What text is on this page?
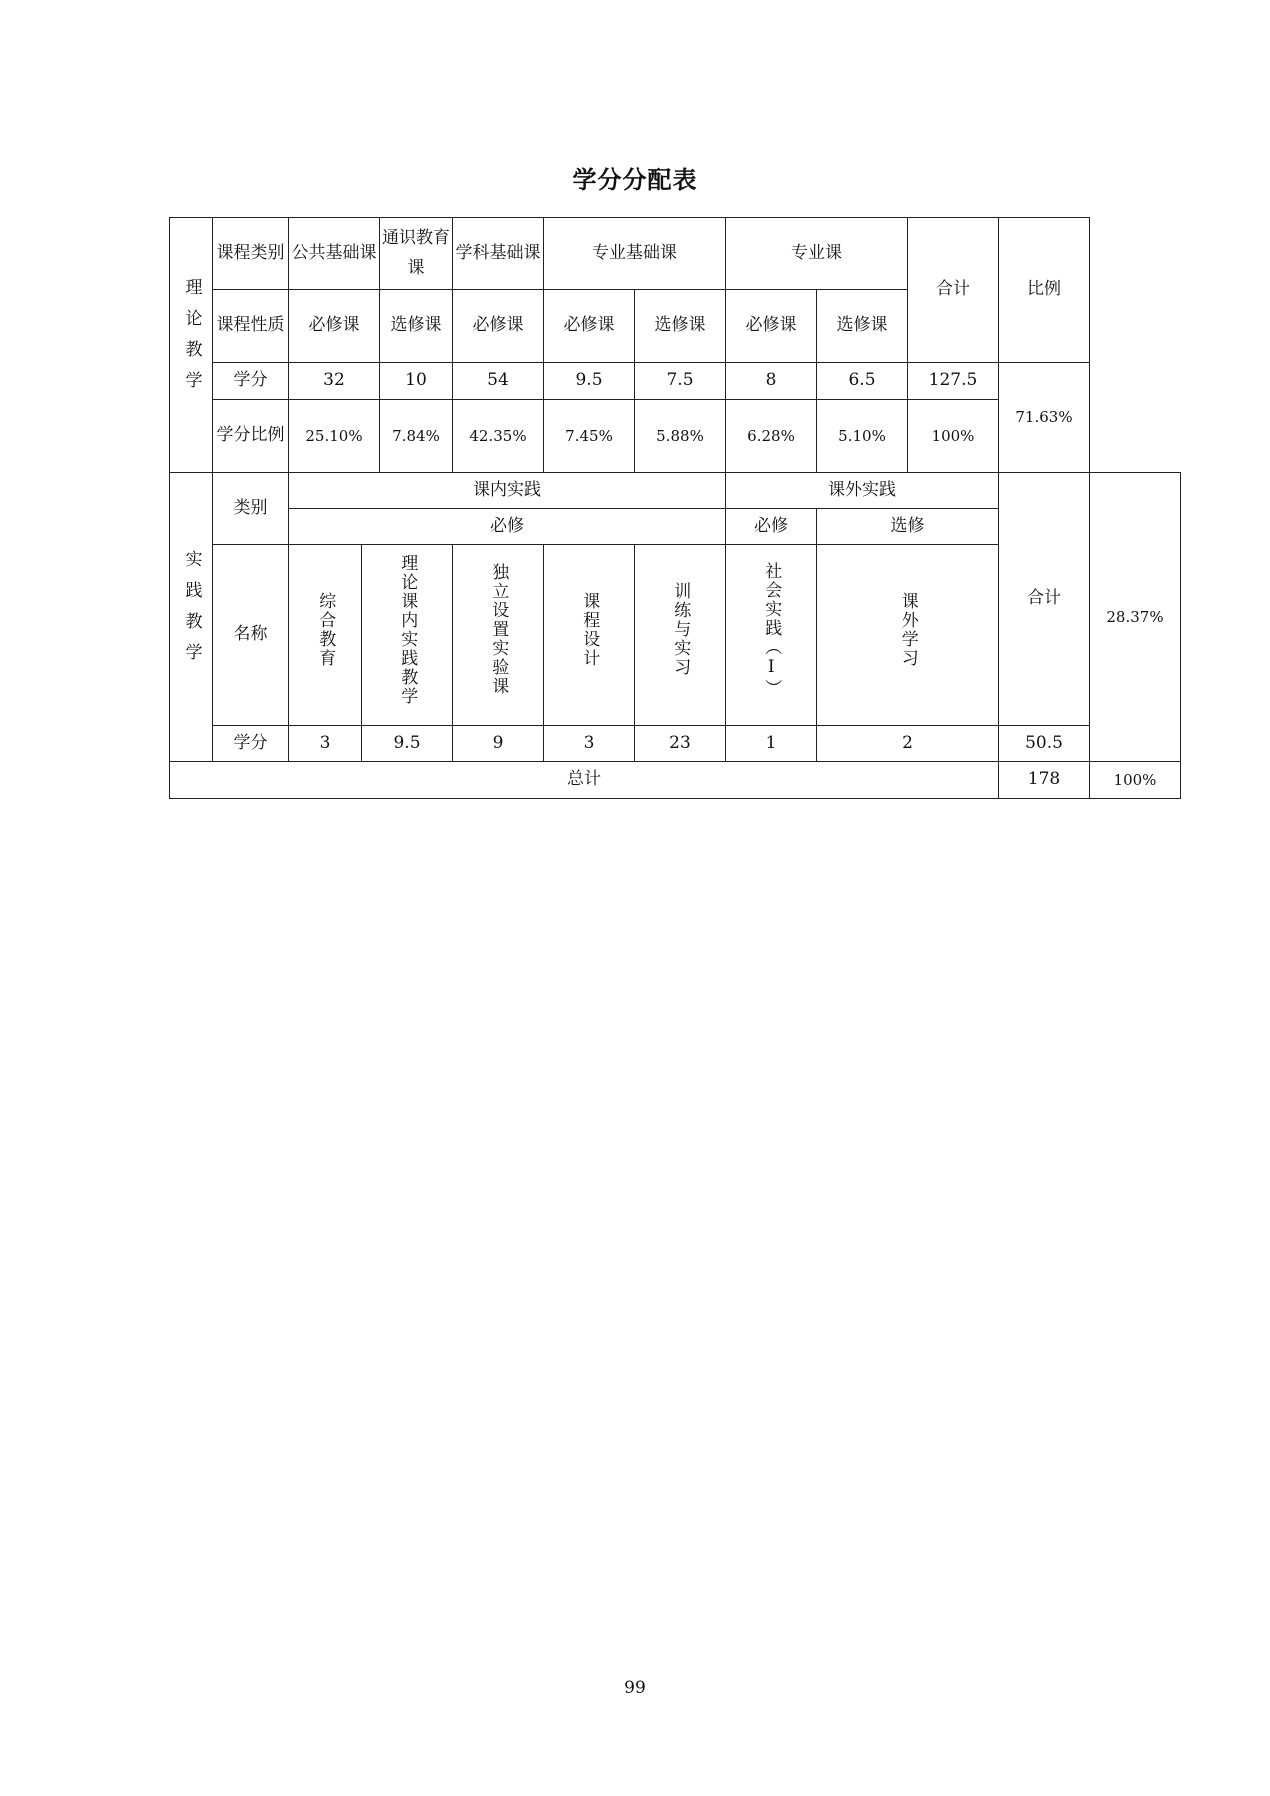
学分分配表
理论教学	课程类别	公共基础课		通识教育课	学科基础课	专业基础课		专业课		合计	比例	
	课程性质	必修课		选修课	必修课	必修课	选修课	必修课	选修课			
	学分	32		10	54	9.5	7.5	8	6.5	127.5	71.63%	
	学分比例	25.10%		7.84%	42.35%	7.45%	5.88%	6.28%	5.10%	100%		
实践教学	类别	课内实践						课外实践			合计	28.37%
		必修						必修	选修			
	名称	综合教育	理论课内实践教学		独立设置实验课	课程设计	训练与实习	社会实践（Ⅰ）	课外学习			
	学分	3	9.5		9	3	23	1	2		50.5	
总计											178	100%
99
